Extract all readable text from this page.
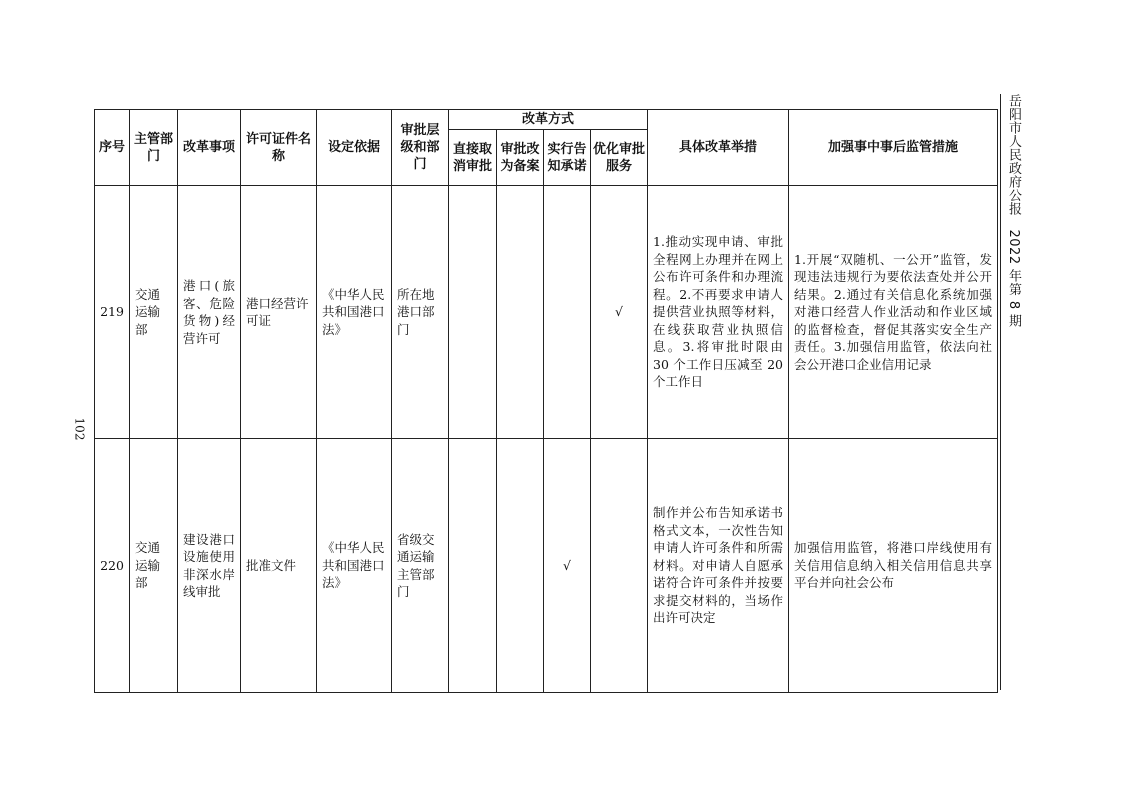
102
岳阳市人民政府公报2022 年第 8 期
序号	主管部门	改革事项	许可证件名称	设定依据	审批层级和部门	改革方式				具体改革举措	加强事中事后监管措施
						直接取消审批	审批改为备案	实行告知承诺	优化审批服务		
219	交通运输部	港口(旅客、危险货物)经营许可	港口经营许可证	《中华人民共和国港口法》	所在地港口部门				√	1.推动实现申请、审批全程网上办理并在网上公布许可条件和办理流程。2.不再要求申请人提供营业执照等材料，在线获取营业执照信息。3.将审批时限由 30 个工作日压减至 20 个工作日	1.开展“双随机、一公开”监管，发现违法违规行为要依法查处并公开结果。2.通过有关信息化系统加强对港口经营人作业活动和作业区域的监督检查，督促其落实安全生产责任。3.加强信用监管，依法向社会公开港口企业信用记录
220	交通运输部	建设港口设施使用非深水岸线审批	批准文件	《中华人民共和国港口法》	省级交通运输主管部门			√		制作并公布告知承诺书格式文本，一次性告知申请人许可条件和所需材料。对申请人自愿承诺符合许可条件并按要求提交材料的，当场作出许可决定	加强信用监管，将港口岸线使用有关信用信息纳入相关信用信息共享平台并向社会公布
